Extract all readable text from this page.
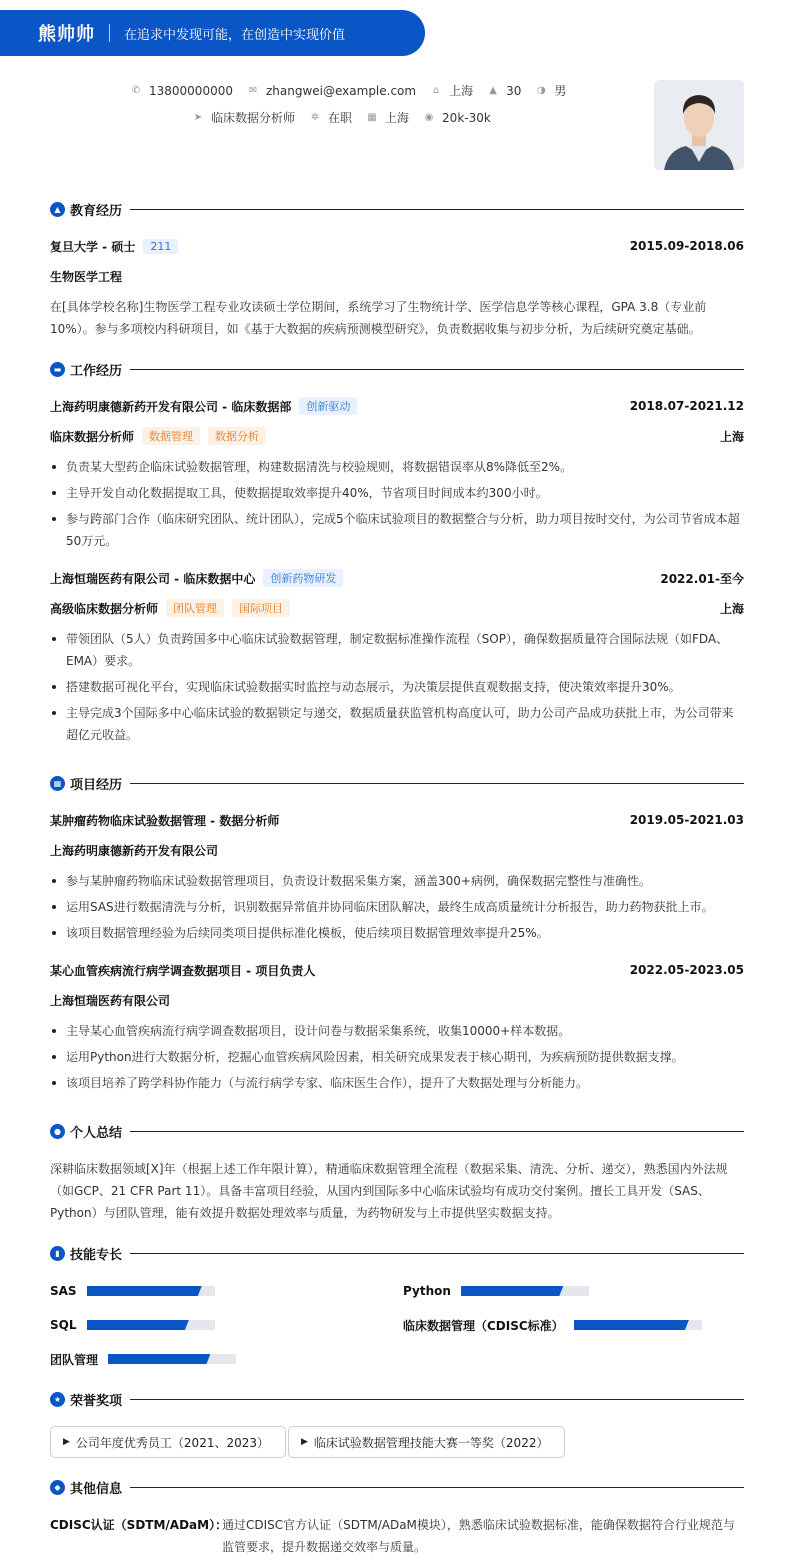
熊帅帅 在追求中发现可能，在创造中实现价值
✆ 13800000000 ✉ zhangwei@example.com ⌂ 上海 ▲ 30 ◑ 男
➤ 临床数据分析师 ✲ 在职 ▦ 上海 ◉ 20k-30k
▲ 教育经历
复旦大学 - 硕士	211	2015.09-2018.06
生物医学工程
在[具体学校名称]生物医学工程专业攻读硕士学位期间，系统学习了生物统计学、医学信息学等核心课程，GPA 3.8（专业前10%）。参与多项校内科研项目，如《基于大数据的疾病预测模型研究》，负责数据收集与初步分析，为后续研究奠定基础。
▬ 工作经历
上海药明康德新药开发有限公司 - 临床数据部	创新驱动	2018.07-2021.12
临床数据分析师	数据管理	数据分析	上海
负责某大型药企临床试验数据管理，构建数据清洗与校验规则，将数据错误率从8%降低至2%。
主导开发自动化数据提取工具，使数据提取效率提升40%，节省项目时间成本约300小时。
参与跨部门合作（临床研究团队、统计团队），完成5个临床试验项目的数据整合与分析，助力项目按时交付，为公司节省成本超50万元。
上海恒瑞医药有限公司 - 临床数据中心	创新药物研发	2022.01-至今
高级临床数据分析师	团队管理	国际项目	上海
带领团队（5人）负责跨国多中心临床试验数据管理，制定数据标准操作流程（SOP），确保数据质量符合国际法规（如FDA、EMA）要求。
搭建数据可视化平台，实现临床试验数据实时监控与动态展示，为决策层提供直观数据支持，使决策效率提升30%。
主导完成3个国际多中心临床试验的数据锁定与递交，数据质量获监管机构高度认可，助力公司产品成功获批上市，为公司带来超亿元收益。
▦ 项目经历
某肿瘤药物临床试验数据管理 - 数据分析师	2019.05-2021.03
上海药明康德新药开发有限公司
参与某肿瘤药物临床试验数据管理项目，负责设计数据采集方案，涵盖300+病例，确保数据完整性与准确性。
运用SAS进行数据清洗与分析，识别数据异常值并协同临床团队解决，最终生成高质量统计分析报告，助力药物获批上市。
该项目数据管理经验为后续同类项目提供标准化模板，使后续项目数据管理效率提升25%。
某心血管疾病流行病学调查数据项目 - 项目负责人	2022.05-2023.05
上海恒瑞医药有限公司
主导某心血管疾病流行病学调查数据项目，设计问卷与数据采集系统，收集10000+样本数据。
运用Python进行大数据分析，挖掘心血管疾病风险因素，相关研究成果发表于核心期刊，为疾病预防提供数据支撑。
该项目培养了跨学科协作能力（与流行病学专家、临床医生合作），提升了大数据处理与分析能力。
● 个人总结
深耕临床数据领域[X]年（根据上述工作年限计算），精通临床数据管理全流程（数据采集、清洗、分析、递交），熟悉国内外法规（如GCP、21 CFR Part 11）。具备丰富项目经验，从国内到国际多中心临床试验均有成功交付案例。擅长工具开发（SAS、Python）与团队管理，能有效提升数据处理效率与质量，为药物研发与上市提供坚实数据支持。
▮ 技能专长
SAS	Python
SQL	临床数据管理（CDISC标准）
团队管理
★ 荣誉奖项
▶ 公司年度优秀员工（2021、2023）	▶ 临床试验数据管理技能大赛一等奖（2022）
◆ 其他信息
CDISC认证（SDTM/ADaM）：
通过CDISC官方认证（SDTM/ADaM模块），熟悉临床试验数据标准，能确保数据符合行业规范与监管要求，提升数据递交效率与质量。
